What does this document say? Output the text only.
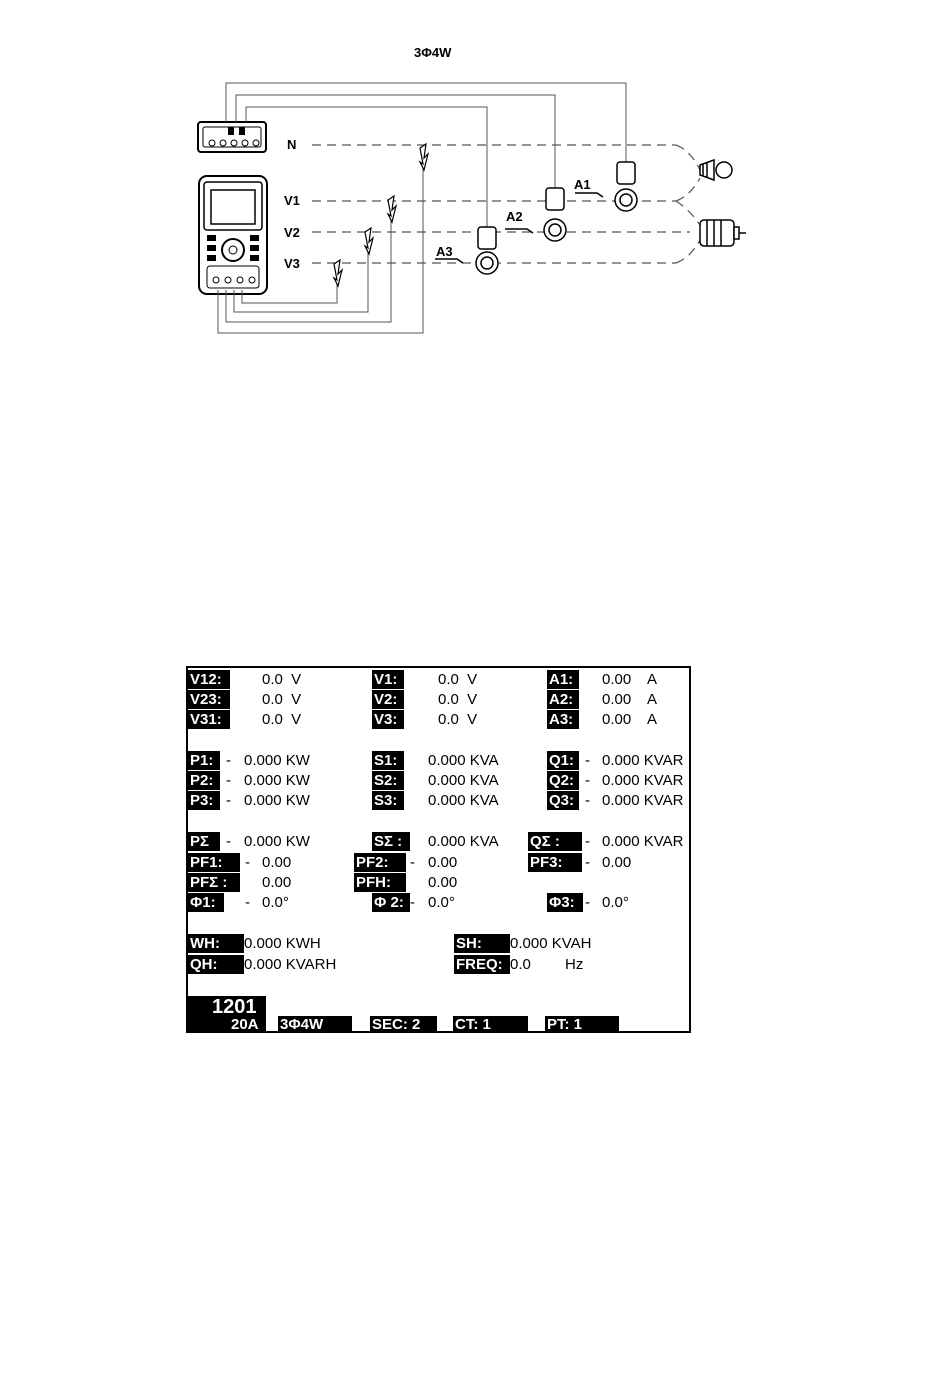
3Φ4W
N
V1
V2
V3
A1
A2
A3
V12:	0.0  V	V1:	0.0  V	A1:	0.00    A
V23:	0.0  V	V2:	0.0  V	A2:	0.00    A
V31:	0.0  V	V3:	0.0  V	A3:	0.00    A
P1: - 0.000 KW	S1:	0.000 KVA	Q1: - 0.000 KVAR
P2: - 0.000 KW	S2:	0.000 KVA	Q2: - 0.000 KVAR
P3: - 0.000 KW	S3:	0.000 KVA	Q3: - 0.000 KVAR
PΣ	- 0.000 KW	SΣ :	0.000 KVA QΣ :	- 0.000 KVAR
PF1:	- 0.00	PF2:	- 0.00	PF3:	- 0.00
PFΣ :	0.00	PFH:	0.00
Φ1:	- 0.0°	Φ 2: - 0.0°	Φ3: - 0.0°
WH:	0.000 KWH	SH:	0.000 KVAH
QH:	0.000 KVARH	FREQ: 0.0 Hz
1201
20A 3Φ4W	SEC: 2	CT: 1	PT: 1
